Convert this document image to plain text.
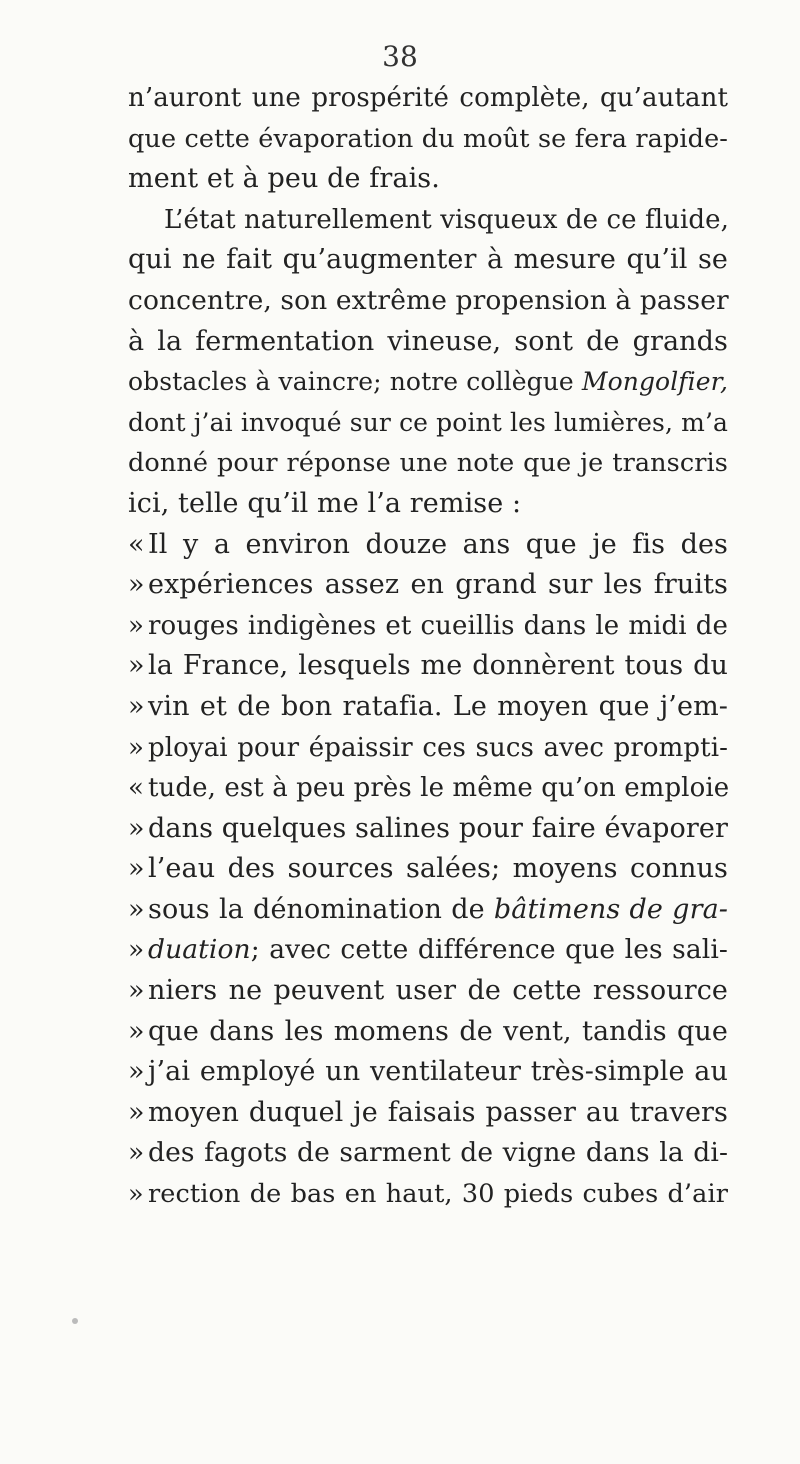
38
n’auront une prospérité complète, qu’autant
que cette évaporation du moût se fera rapide-
ment et à peu de frais.
L’état naturellement visqueux de ce fluide,
qui ne fait qu’augmenter à mesure qu’il se
concentre, son extrême propension à passer
à la fermentation vineuse, sont de grands
obstacles à vaincre; notre collègue Mongolfier,
dont j’ai invoqué sur ce point les lumières, m’a
donné pour réponse une note que je transcris
ici, telle qu’il me l’a remise :
« Il y a environ douze ans que je fis des
» expériences assez en grand sur les fruits
» rouges indigènes et cueillis dans le midi de
» la France, lesquels me donnèrent tous du
» vin et de bon ratafia. Le moyen que j’em-
» ployai pour épaissir ces sucs avec prompti-
« tude, est à peu près le même qu’on emploie
» dans quelques salines pour faire évaporer
» l’eau des sources salées; moyens connus
» sous la dénomination de bâtimens de gra-
» duation; avec cette différence que les sali-
» niers ne peuvent user de cette ressource
» que dans les momens de vent, tandis que
» j’ai employé un ventilateur très-simple au
» moyen duquel je faisais passer au travers
» des fagots de sarment de vigne dans la di-
» rection de bas en haut, 30 pieds cubes d’air
